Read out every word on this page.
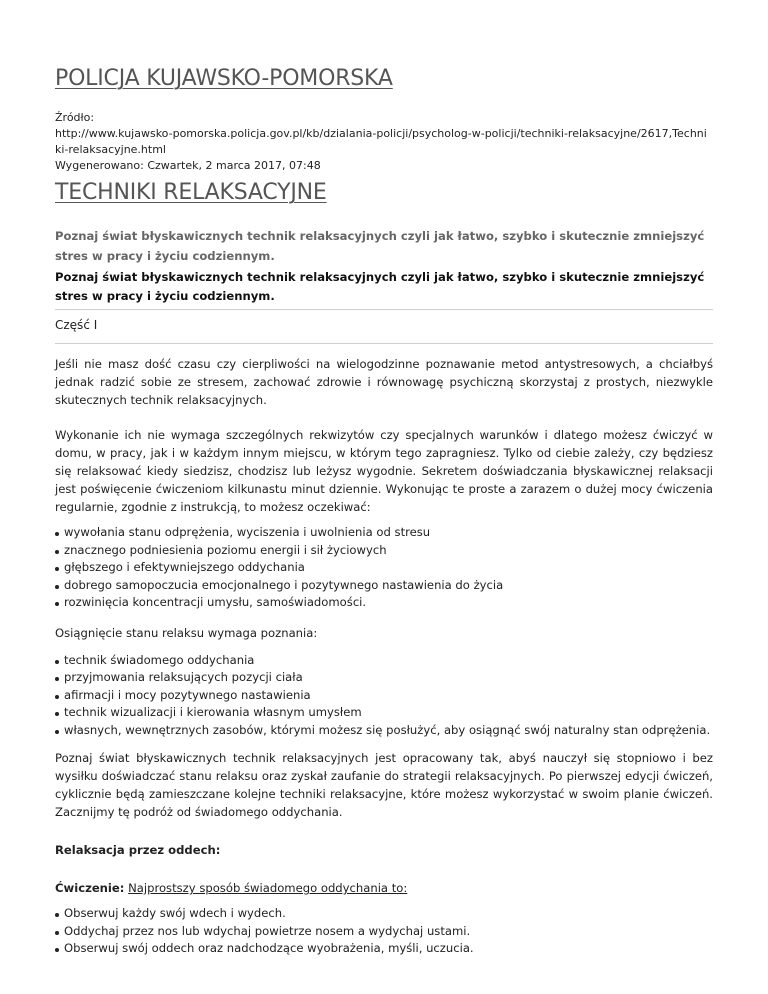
POLICJA KUJAWSKO-POMORSKA
Źródło:
http://www.kujawsko-pomorska.policja.gov.pl/kb/dzialania-policji/psycholog-w-policji/techniki-relaksacyjne/2617,Techniki-relaksacyjne.html
Wygenerowano: Czwartek, 2 marca 2017, 07:48
TECHNIKI RELAKSACYJNE

Poznaj świat błyskawicznych technik relaksacyjnych czyli jak łatwo, szybko i skutecznie zmniejszyć stres w pracy i życiu codziennym.

Poznaj świat błyskawicznych technik relaksacyjnych czyli jak łatwo, szybko i skutecznie zmniejszyć stres w pracy i życiu codziennym.

Część I

Jeśli nie masz dość czasu czy cierpliwości na wielogodzinne poznawanie metod antystresowych, a chciałbyś jednak radzić sobie ze stresem, zachować zdrowie i równowagę psychiczną skorzystaj z prostych, niezwykle skutecznych technik relaksacyjnych.

Wykonanie ich nie wymaga szczególnych rekwizytów czy specjalnych warunków i dlatego możesz ćwiczyć w domu, w pracy, jak i w każdym innym miejscu, w którym tego zapragniesz. Tylko od ciebie zależy, czy będziesz się relaksować kiedy siedzisz, chodzisz lub leżysz wygodnie. Sekretem doświadczania błyskawicznej relaksacji jest poświęcenie ćwiczeniom kilkunastu minut dziennie. Wykonując te proste a zarazem o dużej mocy ćwiczenia regularnie, zgodnie z instrukcją, to możesz oczekiwać:

wywołania stanu odprężenia, wyciszenia i uwolnienia od stresu
znacznego podniesienia poziomu energii i sił życiowych
głębszego i efektywniejszego oddychania
dobrego samopoczucia emocjonalnego i pozytywnego nastawienia do życia
rozwinięcia koncentracji umysłu, samoświadomości.

Osiągnięcie stanu relaksu wymaga poznania:

technik świadomego oddychania
przyjmowania relaksujących pozycji ciała
afirmacji i mocy pozytywnego nastawienia
technik wizualizacji i kierowania własnym umysłem
własnych, wewnętrznych zasobów, którymi możesz się posłużyć, aby osiągnąć swój naturalny stan odprężenia.

Poznaj świat błyskawicznych technik relaksacyjnych jest opracowany tak, abyś nauczył się stopniowo i bez wysiłku doświadczać stanu relaksu oraz zyskał zaufanie do strategii relaksacyjnych. Po pierwszej edycji ćwiczeń, cyklicznie będą zamieszczane kolejne techniki relaksacyjne, które możesz wykorzystać w swoim planie ćwiczeń. Zacznijmy tę podróż od świadomego oddychania.

Relaksacja przez oddech:

Ćwiczenie: Najprostszy sposób świadomego oddychania to:

Obserwuj każdy swój wdech i wydech.
Oddychaj przez nos lub wdychaj powietrze nosem a wydychaj ustami.
Obserwuj swój oddech oraz nadchodzące wyobrażenia, myśli, uczucia.
